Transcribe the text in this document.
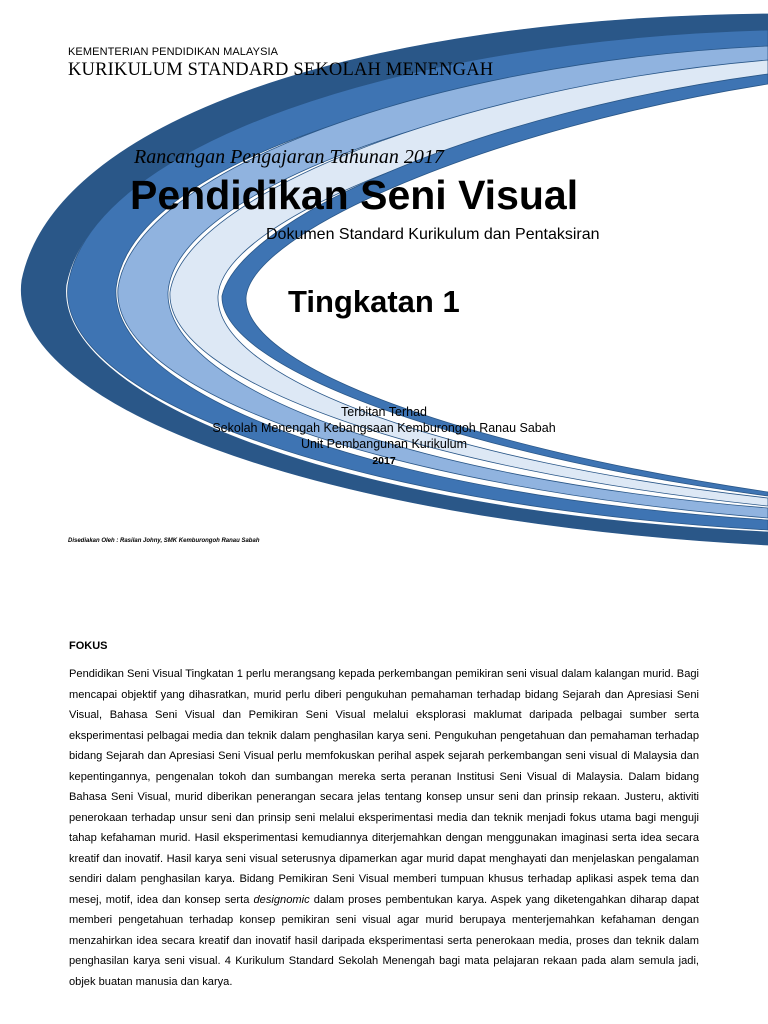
KEMENTERIAN PENDIDIKAN MALAYSIA
KURIKULUM STANDARD SEKOLAH MENENGAH
Rancangan Pengajaran Tahunan 2017
Pendidikan Seni Visual
Dokumen Standard Kurikulum dan Pentaksiran
Tingkatan 1
Terbitan Terhad
Sekolah Menengah Kebangsaan Kemburongoh Ranau Sabah
Unit Pembangunan Kurikulum
2017
Disediakan Oleh : Rasilan Johny, SMK Kemburongoh Ranau Sabah
FOKUS

Pendidikan Seni Visual Tingkatan 1 perlu merangsang kepada perkembangan pemikiran seni visual dalam kalangan murid. Bagi mencapai objektif yang dihasratkan, murid perlu diberi pengukuhan pemahaman terhadap bidang Sejarah dan Apresiasi Seni Visual, Bahasa Seni Visual dan Pemikiran Seni Visual melalui eksplorasi maklumat daripada pelbagai sumber serta eksperimentasi pelbagai media dan teknik dalam penghasilan karya seni. Pengukuhan pengetahuan dan pemahaman terhadap bidang Sejarah dan Apresiasi Seni Visual perlu memfokuskan perihal aspek sejarah perkembangan seni visual di Malaysia dan kepentingannya, pengenalan tokoh dan sumbangan mereka serta peranan Institusi Seni Visual di Malaysia. Dalam bidang Bahasa Seni Visual, murid diberikan penerangan secara jelas tentang konsep unsur seni dan prinsip rekaan. Justeru, aktiviti penerokaan terhadap unsur seni dan prinsip seni melalui eksperimentasi media dan teknik menjadi fokus utama bagi menguji tahap kefahaman murid. Hasil eksperimentasi kemudiannya diterjemahkan dengan menggunakan imaginasi serta idea secara kreatif dan inovatif. Hasil karya seni visual seterusnya dipamerkan agar murid dapat menghayati dan menjelaskan pengalaman sendiri dalam penghasilan karya. Bidang Pemikiran Seni Visual memberi tumpuan khusus terhadap aplikasi aspek tema dan mesej, motif, idea dan konsep serta designomic dalam proses pembentukan karya. Aspek yang diketengahkan diharap dapat memberi pengetahuan terhadap konsep pemikiran seni visual agar murid berupaya menterjemahkan kefahaman dengan menzahirkan idea secara kreatif dan inovatif hasil daripada eksperimentasi serta penerokaan media, proses dan teknik dalam penghasilan karya seni visual. 4 Kurikulum Standard Sekolah Menengah bagi mata pelajaran rekaan pada alam semula jadi, objek buatan manusia dan karya.
